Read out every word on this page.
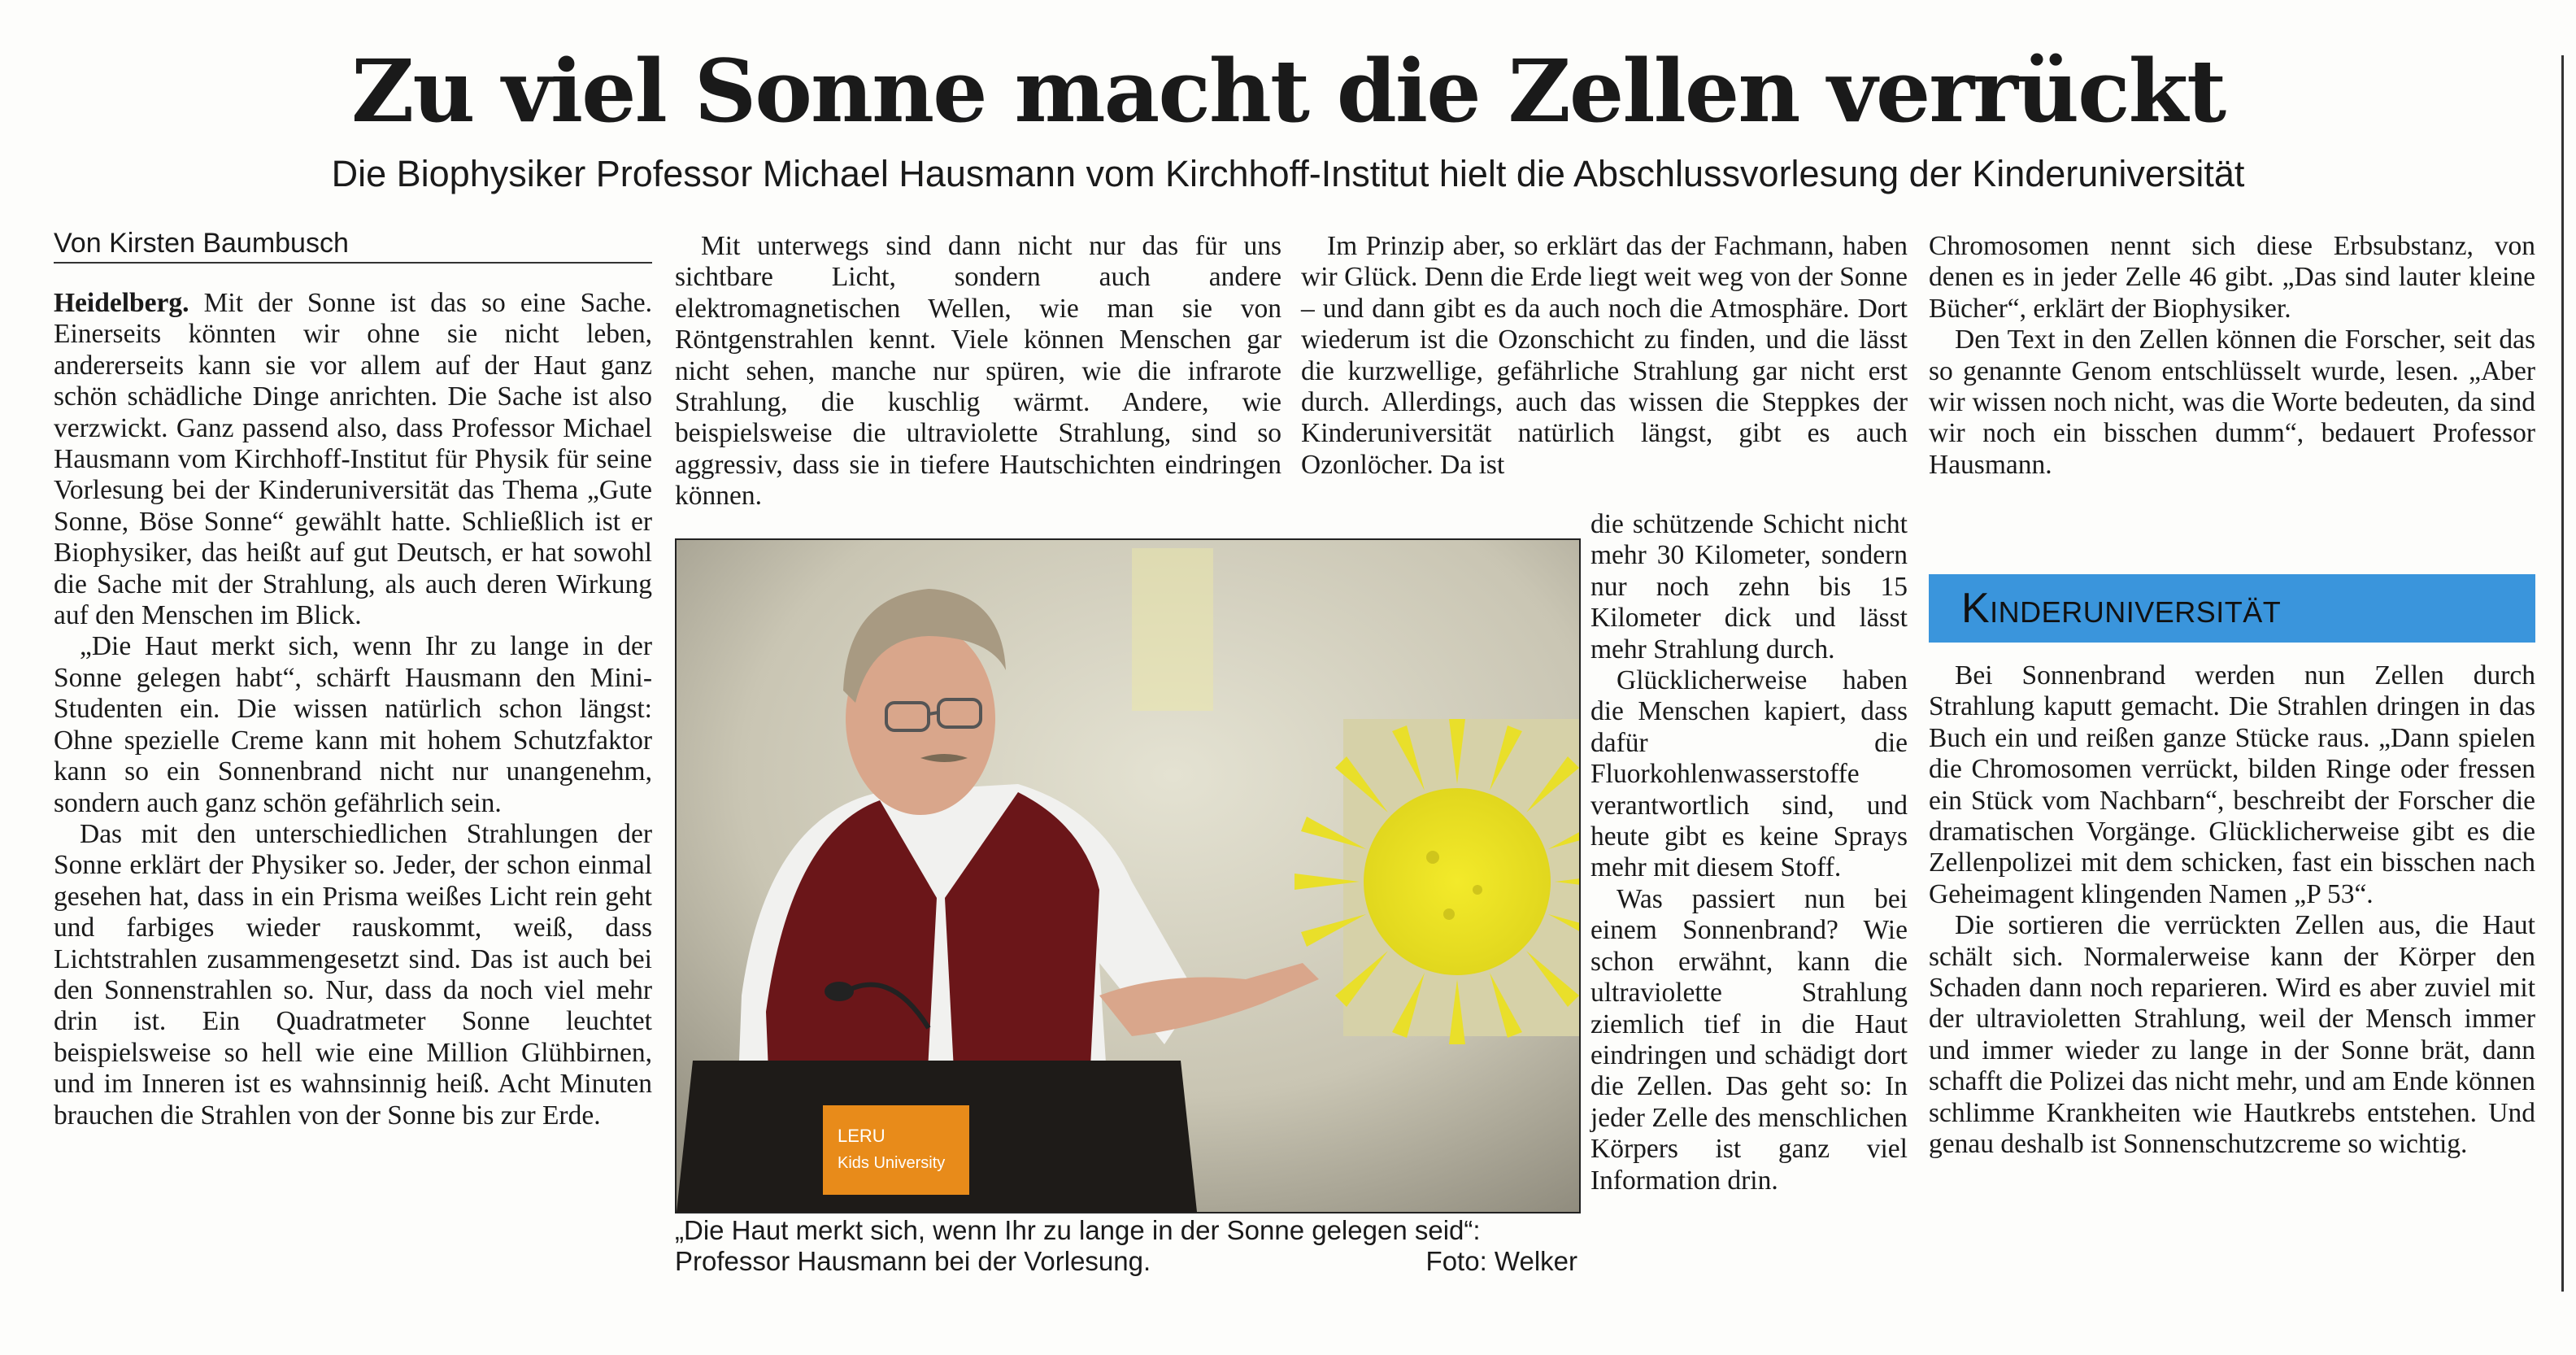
Zu viel Sonne macht die Zellen verrückt
Die Biophysiker Professor Michael Hausmann vom Kirchhoff-Institut hielt die Abschlussvorlesung der Kinderuniversität
Von Kirsten Baumbusch

Heidelberg. Mit der Sonne ist das so eine Sache. Einerseits könnten wir ohne sie nicht leben, andererseits kann sie vor allem auf der Haut ganz schön schädliche Dinge anrichten. Die Sache ist also verzwickt. Ganz passend also, dass Professor Michael Hausmann vom Kirchhoff-Institut für Physik für seine Vorlesung bei der Kinderuniversität das Thema „Gute Sonne, Böse Sonne“ gewählt hatte. Schließlich ist er Biophysiker, das heißt auf gut Deutsch, er hat sowohl die Sache mit der Strahlung, als auch deren Wirkung auf den Menschen im Blick.

„Die Haut merkt sich, wenn Ihr zu lange in der Sonne gelegen habt“, schärft Hausmann den Mini-Studenten ein. Die wissen natürlich schon längst: Ohne spezielle Creme kann mit hohem Schutzfaktor kann so ein Sonnenbrand nicht nur unangenehm, sondern auch ganz schön gefährlich sein.

Das mit den unterschiedlichen Strahlungen der Sonne erklärt der Physiker so. Jeder, der schon einmal gesehen hat, dass in ein Prisma weißes Licht rein geht und farbiges wieder rauskommt, weiß, dass Lichtstrahlen zusammengesetzt sind. Das ist auch bei den Sonnenstrahlen so. Nur, dass da noch viel mehr drin ist. Ein Quadratmeter Sonne leuchtet beispielsweise so hell wie eine Million Glühbirnen, und im Inneren ist es wahnsinnig heiß. Acht Minuten brauchen die Strahlen von der Sonne bis zur Erde.

Mit unterwegs sind dann nicht nur das für uns sichtbare Licht, sondern auch andere elektromagnetischen Wellen, wie man sie von Röntgenstrahlen kennt. Viele können Menschen gar nicht sehen, manche nur spüren, wie die infrarote Strahlung, die kuschlig wärmt. Andere, wie beispielsweise die ultraviolette Strahlung, sind so aggressiv, dass sie in tiefere Hautschichten eindringen können.

Im Prinzip aber, so erklärt das der Fachmann, haben wir Glück. Denn die Erde liegt weit weg von der Sonne – und dann gibt es da auch noch die Atmosphäre. Dort wiederum ist die Ozonschicht zu finden, und die lässt die kurzwellige, gefährliche Strahlung gar nicht erst durch. Allerdings, auch das wissen die Steppkes der Kinderuniversität natürlich längst, gibt es auch Ozonlöcher. Da ist

die schützende Schicht nicht mehr 30 Kilometer, sondern nur noch zehn bis 15 Kilometer dick und lässt mehr Strahlung durch.

Glücklicherweise haben die Menschen kapiert, dass dafür die Fluorkohlenwasserstoffe verantwortlich sind, und heute gibt es keine Sprays mehr mit diesem Stoff.

Was passiert nun bei einem Sonnenbrand? Wie schon erwähnt, kann die ultraviolette Strahlung ziemlich tief in die Haut eindringen und schädigt dort die Zellen. Das geht so: In jeder Zelle des menschlichen Körpers ist ganz viel Information drin.

Chromosomen nennt sich diese Erbsubstanz, von denen es in jeder Zelle 46 gibt. „Das sind lauter kleine Bücher“, erklärt der Biophysiker.

Den Text in den Zellen können die Forscher, seit das so genannte Genom entschlüsselt wurde, lesen. „Aber wir wissen noch nicht, was die Worte bedeuten, da sind wir noch ein bisschen dumm“, bedauert Professor Hausmann.

Kinderuniversität

Bei Sonnenbrand werden nun Zellen durch Strahlung kaputt gemacht. Die Strahlen dringen in das Buch ein und reißen ganze Stücke raus. „Dann spielen die Chromosomen verrückt, bilden Ringe oder fressen ein Stück vom Nachbarn“, beschreibt der Forscher die dramatischen Vorgänge. Glücklicherweise gibt es die Zellenpolizei mit dem schicken, fast ein bisschen nach Geheimagent klingenden Namen „P 53“.

Die sortieren die verrückten Zellen aus, die Haut schält sich. Normalerweise kann der Körper den Schaden dann noch reparieren. Wird es aber zuviel mit der ultravioletten Strahlung, weil der Mensch immer und immer wieder zu lange in der Sonne brät, dann schafft die Polizei das nicht mehr, und am Ende können schlimme Krankheiten wie Hautkrebs entstehen. Und genau deshalb ist Sonnenschutzcreme so wichtig.

LERU
Kids University
„Die Haut merkt sich, wenn Ihr zu lange in der Sonne gelegen seid“: Professor Hausmann bei der Vorlesung.	Foto: Welker
